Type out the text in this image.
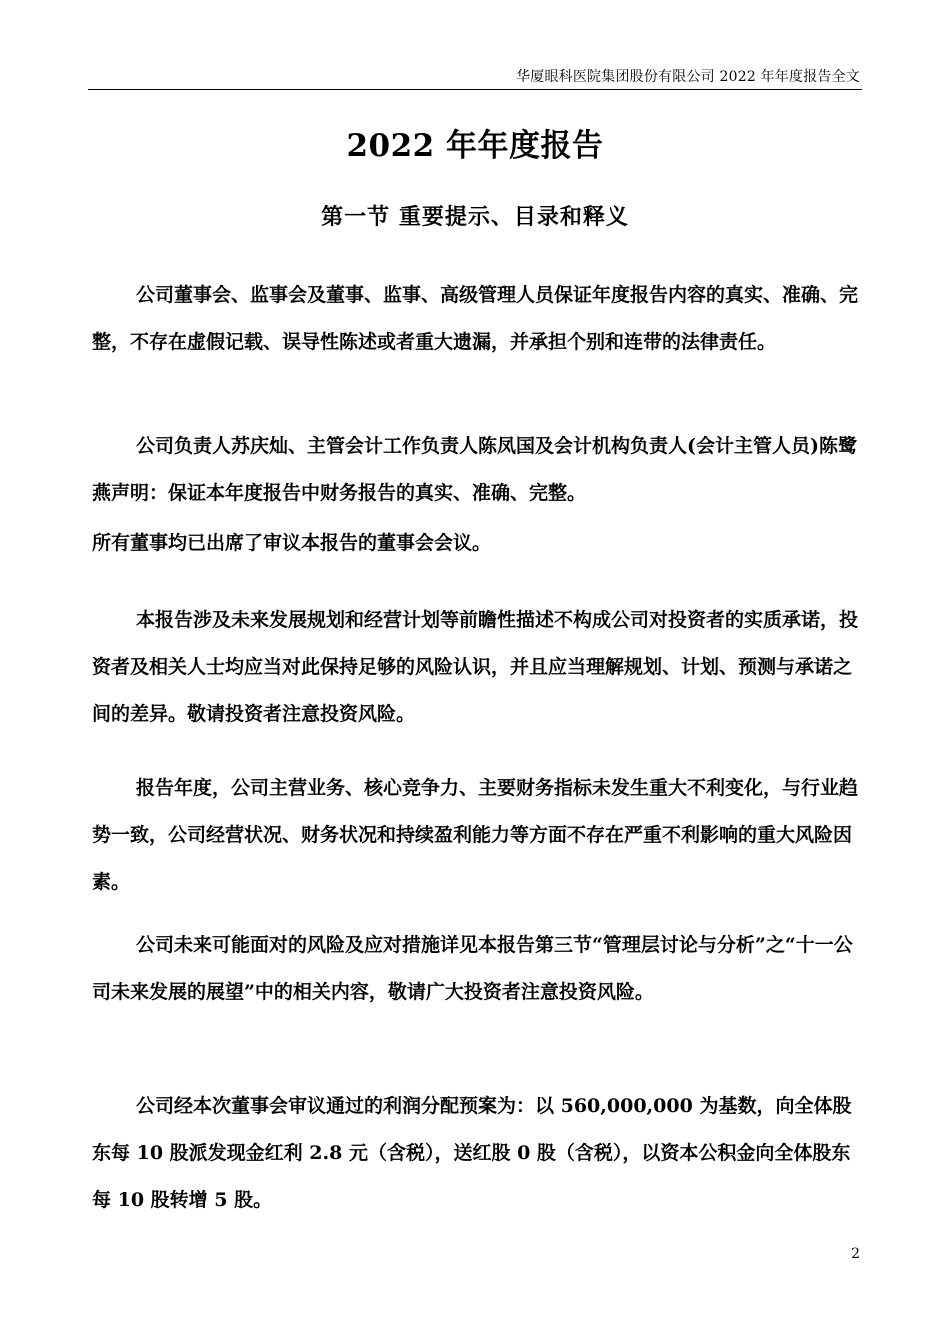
华厦眼科医院集团股份有限公司 2022 年年度报告全文
2022 年年度报告
第一节 重要提示、目录和释义

公司董事会、监事会及董事、监事、高级管理人员保证年度报告内容的真实、准确、完整，不存在虚假记载、误导性陈述或者重大遗漏，并承担个别和连带的法律责任。

公司负责人苏庆灿、主管会计工作负责人陈凤国及会计机构负责人(会计主管人员)陈鹭燕声明：保证本年度报告中财务报告的真实、准确、完整。

所有董事均已出席了审议本报告的董事会会议。

本报告涉及未来发展规划和经营计划等前瞻性描述不构成公司对投资者的实质承诺，投资者及相关人士均应当对此保持足够的风险认识，并且应当理解规划、计划、预测与承诺之间的差异。敬请投资者注意投资风险。

报告年度，公司主营业务、核心竞争力、主要财务指标未发生重大不利变化，与行业趋势一致，公司经营状况、财务状况和持续盈利能力等方面不存在严重不利影响的重大风险因素。

公司未来可能面对的风险及应对措施详见本报告第三节“管理层讨论与分析”之“十一公司未来发展的展望”中的相关内容，敬请广大投资者注意投资风险。

公司经本次董事会审议通过的利润分配预案为：以 560,000,000 为基数，向全体股东每 10 股派发现金红利 2.8 元（含税），送红股 0 股（含税），以资本公积金向全体股东每 10 股转增 5 股。

2
